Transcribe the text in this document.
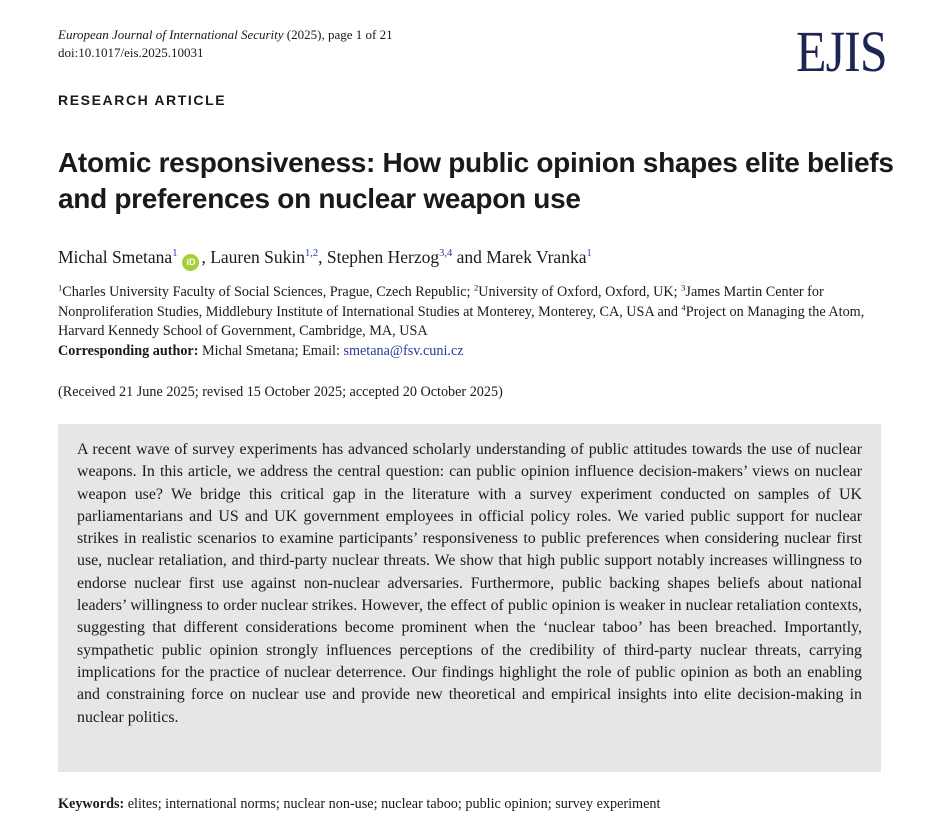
European Journal of International Security (2025), page 1 of 21
doi:10.1017/eis.2025.10031	EJIS
RESEARCH ARTICLE
Atomic responsiveness: How public opinion shapes elite beliefs and preferences on nuclear weapon use
Michal Smetana$^1$iD , Lauren Sukin$^{1,2}$, Stephen Herzog$^{3,4}$ and Marek Vranka$^1$
$^1$Charles University Faculty of Social Sciences, Prague, Czech Republic; $^2$University of Oxford, Oxford, UK; $^3$James Martin Center for Nonproliferation Studies, Middlebury Institute of International Studies at Monterey, Monterey, CA, USA and $^4$Project on Managing the Atom, Harvard Kennedy School of Government, Cambridge, MA, USA
Corresponding author: Michal Smetana; Email: smetana@fsv.cuni.cz
(Received 21 June 2025; revised 15 October 2025; accepted 20 October 2025)

A recent wave of survey experiments has advanced scholarly understanding of public attitudes towards the use of nuclear weapons. In this article, we address the central question: can public opinion influence decision-makers’ views on nuclear weapon use? We bridge this critical gap in the literature with a survey experiment conducted on samples of UK parliamentarians and US and UK government employees in official policy roles. We varied public support for nuclear strikes in realistic scenarios to examine participants’ responsiveness to public preferences when considering nuclear first use, nuclear retaliation, and third-party nuclear threats. We show that high public support notably increases willingness to endorse nuclear first use against non-nuclear adversaries. Furthermore, public backing shapes beliefs about national leaders’ willingness to order nuclear strikes. However, the effect of public opinion is weaker in nuclear retaliation contexts, suggesting that different considerations become prominent when the ‘nuclear taboo’ has been breached. Importantly, sympathetic public opinion strongly influences perceptions of the credibility of third-party nuclear threats, carrying implications for the practice of nuclear deterrence. Our findings highlight the role of public opinion as both an enabling and constraining force on nuclear use and provide new theoretical and empirical insights into elite decision-making in nuclear politics.

Keywords: elites; international norms; nuclear non-use; nuclear taboo; public opinion; survey experiment
